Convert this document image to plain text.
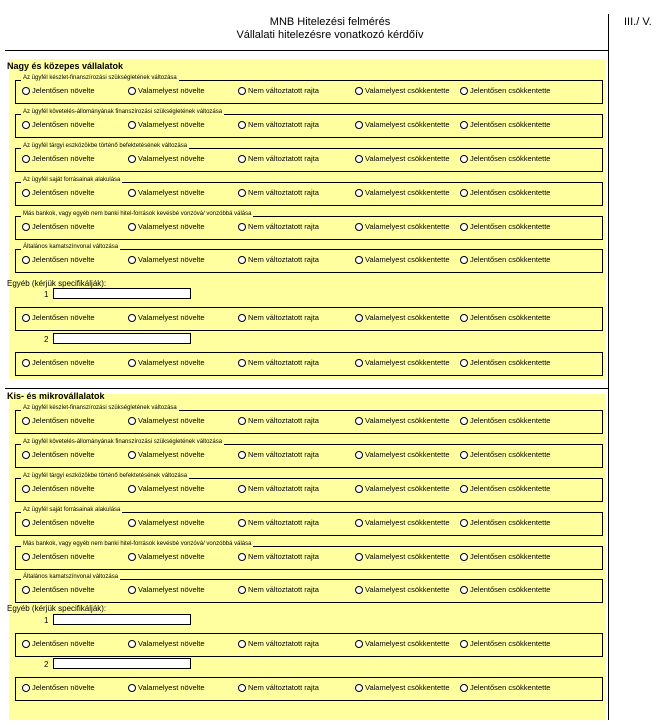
MNB Hitelezési felmérés
Vállalati hitelezésre vonatkozó kérdőív
III./ V.
Nagy és közepes vállalatok
Az ügyfél készlet-finanszírozási szükségletének változása
Jelentősen növelte	Valamelyest növelte	Nem változtatott rajta	Valamelyest csökkentette	Jelentősen csökkentette
Az ügyfél követelés-állományának finanszírozási szükségletének változása
Jelentősen növelte	Valamelyest növelte	Nem változtatott rajta	Valamelyest csökkentette	Jelentősen csökkentette
Az ügyfél tárgyi eszközökbe történő befektetésének változása
Jelentősen növelte	Valamelyest növelte	Nem változtatott rajta	Valamelyest csökkentette	Jelentősen csökkentette
Az ügyfél saját forrásainak alakulása
Jelentősen növelte	Valamelyest növelte	Nem változtatott rajta	Valamelyest csökkentette	Jelentősen csökkentette
Más bankok, vagy egyéb nem banki hitel-források kevésbé vonzóvá/ vonzóbbá válása
Jelentősen növelte	Valamelyest növelte	Nem változtatott rajta	Valamelyest csökkentette	Jelentősen csökkentette
Általános kamatszínvonal változása
Jelentősen növelte	Valamelyest növelte	Nem változtatott rajta	Valamelyest csökkentette	Jelentősen csökkentette
Egyéb (kérjük specifikálják):
1
Jelentősen növelte	Valamelyest növelte	Nem változtatott rajta	Valamelyest csökkentette	Jelentősen csökkentette
2
Jelentősen növelte	Valamelyest növelte	Nem változtatott rajta	Valamelyest csökkentette	Jelentősen csökkentette
Kis- és mikrovállalatok
Az ügyfél készlet-finanszírozási szükségletének változása
Jelentősen növelte	Valamelyest növelte	Nem változtatott rajta	Valamelyest csökkentette	Jelentősen csökkentette
Az ügyfél követelés-állományának finanszírozási szükségletének változása
Jelentősen növelte	Valamelyest növelte	Nem változtatott rajta	Valamelyest csökkentette	Jelentősen csökkentette
Az ügyfél tárgyi eszközökbe történő befektetésének változása
Jelentősen növelte	Valamelyest növelte	Nem változtatott rajta	Valamelyest csökkentette	Jelentősen csökkentette
Az ügyfél saját forrásainak alakulása
Jelentősen növelte	Valamelyest növelte	Nem változtatott rajta	Valamelyest csökkentette	Jelentősen csökkentette
Más bankok, vagy egyéb nem banki hitel-források kevésbé vonzóvá/ vonzóbbá válása
Jelentősen növelte	Valamelyest növelte	Nem változtatott rajta	Valamelyest csökkentette	Jelentősen csökkentette
Általános kamatszínvonal változása
Jelentősen növelte	Valamelyest növelte	Nem változtatott rajta	Valamelyest csökkentette	Jelentősen csökkentette
Egyéb (kérjük specifikálják):
1
Jelentősen növelte	Valamelyest növelte	Nem változtatott rajta	Valamelyest csökkentette	Jelentősen csökkentette
2
Jelentősen növelte	Valamelyest növelte	Nem változtatott rajta	Valamelyest csökkentette	Jelentősen csökkentette
